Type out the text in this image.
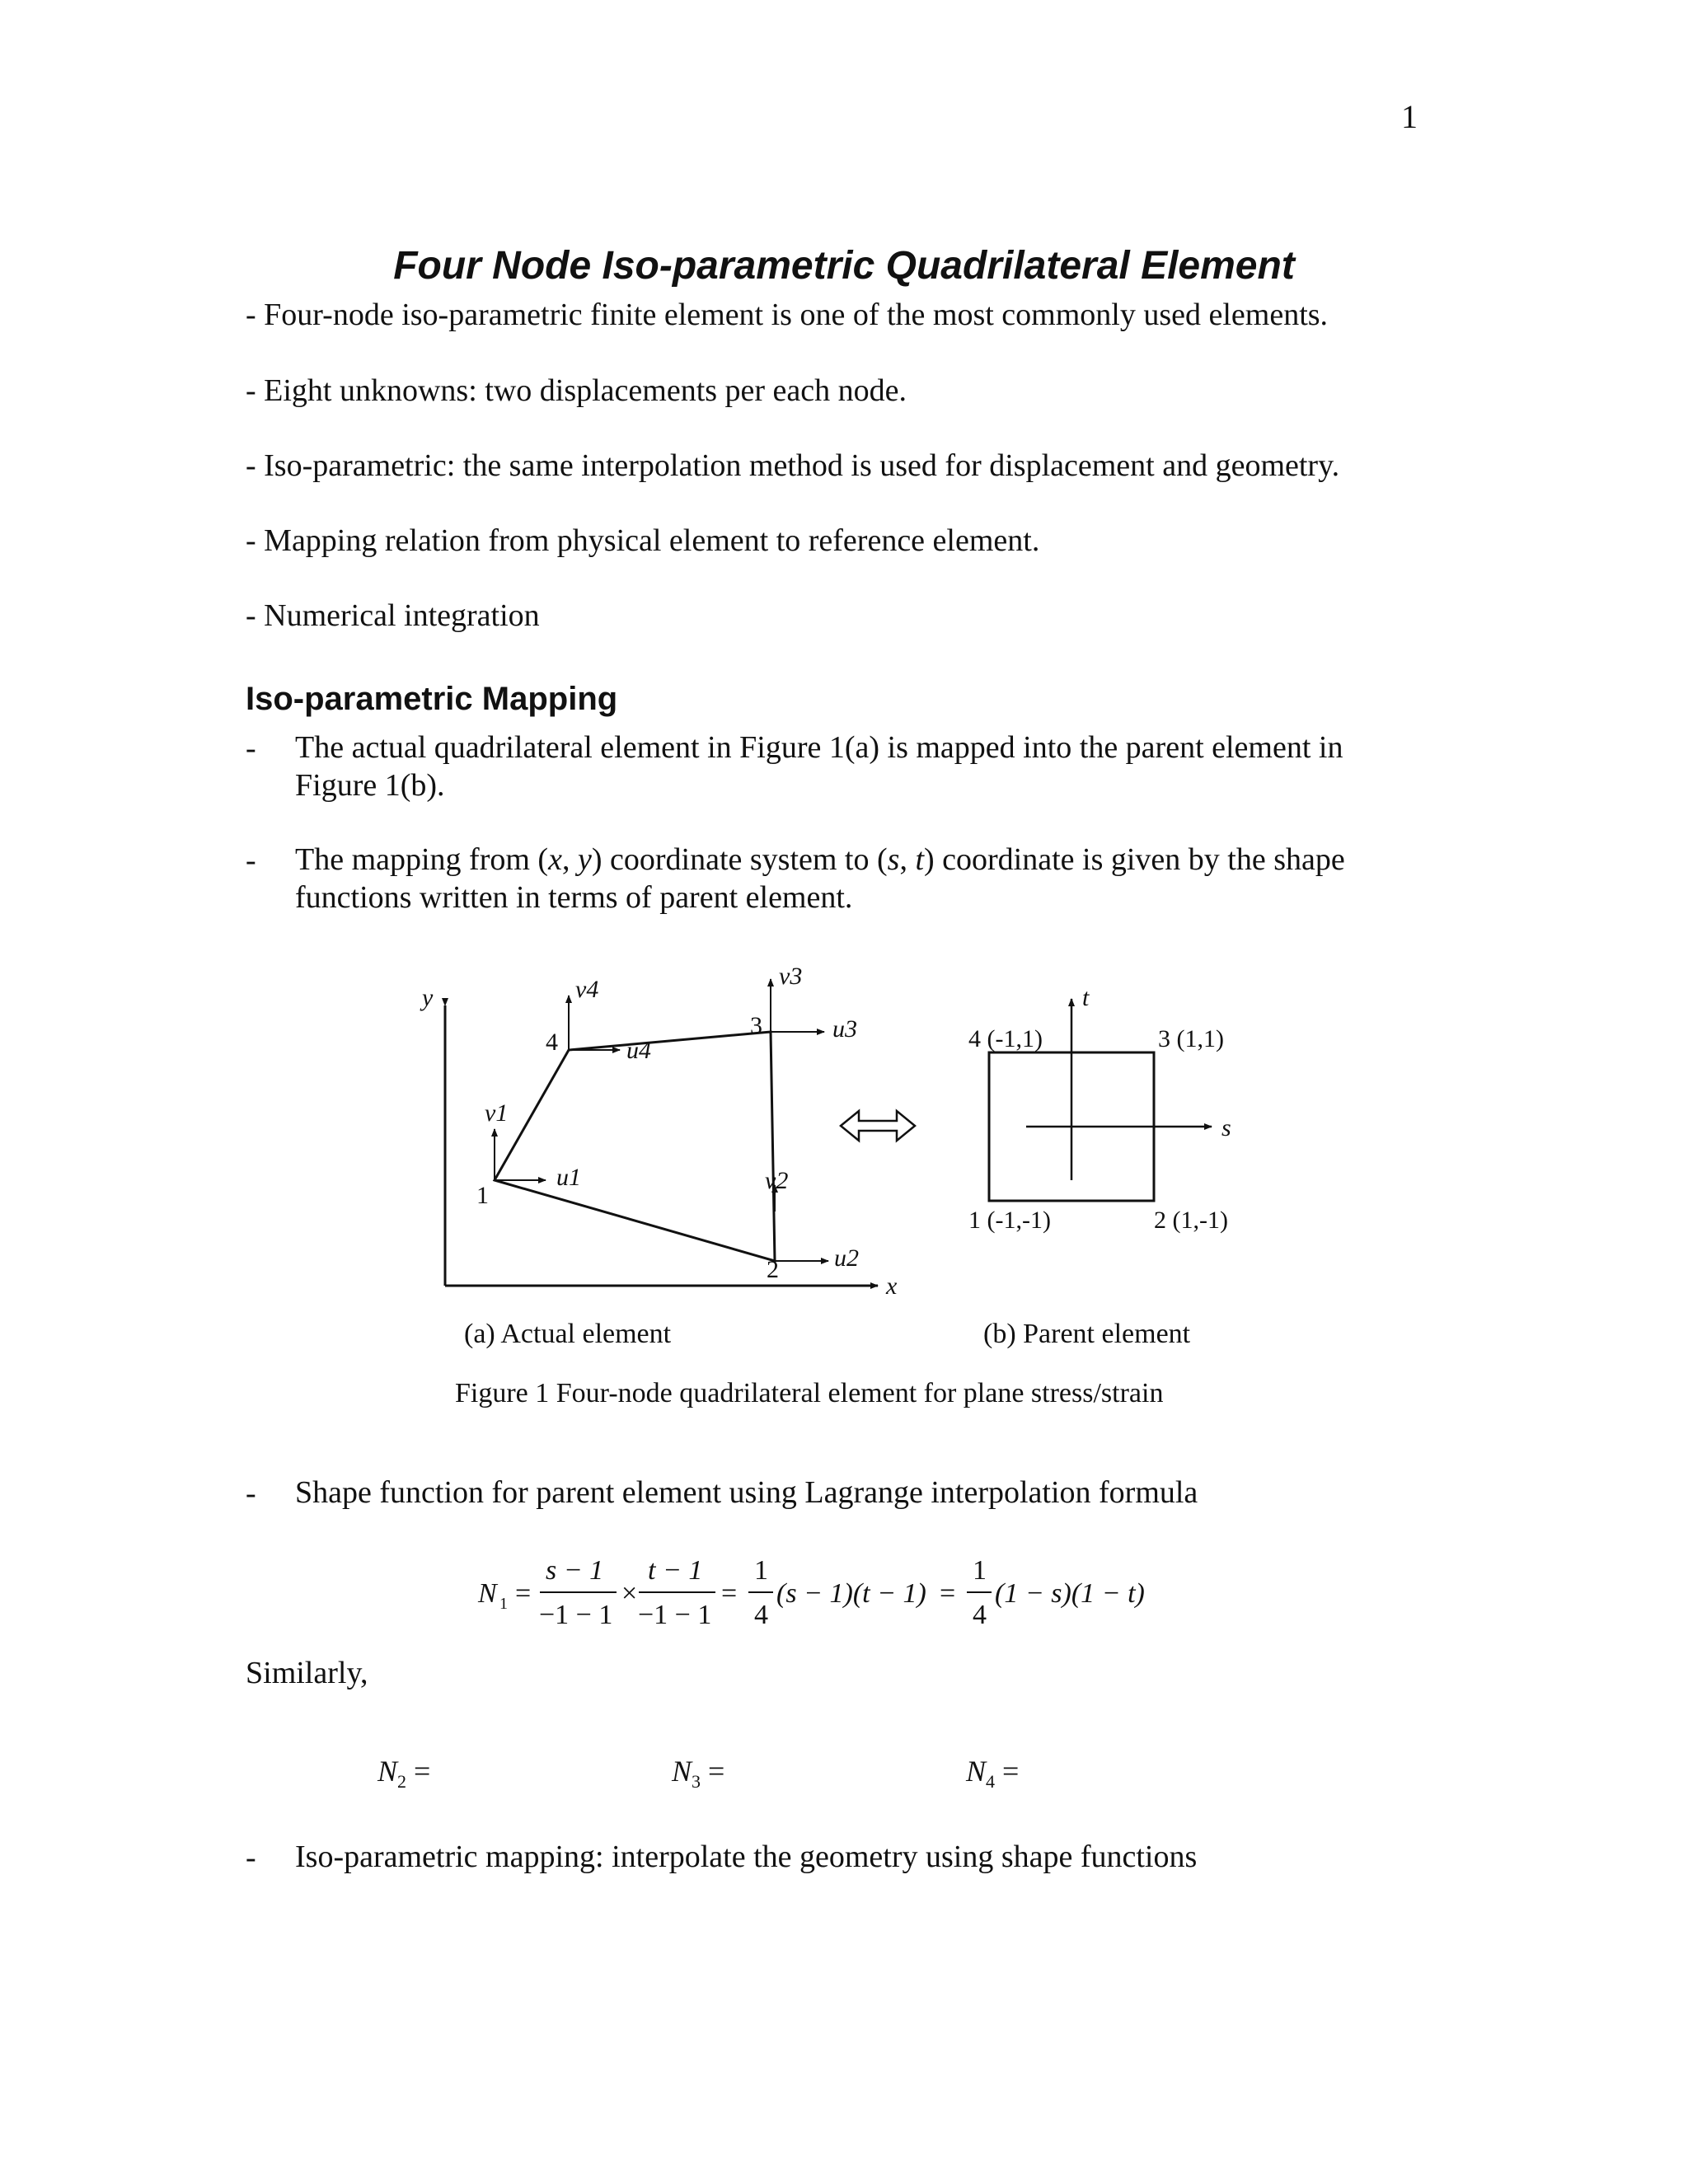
1
Four Node Iso-parametric Quadrilateral Element
- Four-node iso-parametric finite element is one of the most commonly used elements.
- Eight unknowns: two displacements per each node.
- Iso-parametric: the same interpolation method is used for displacement and geometry.
- Mapping relation from physical element to reference element.
- Numerical integration
Iso-parametric Mapping
- The actual quadrilateral element in Figure 1(a) is mapped into the parent element in Figure 1(b).
- The mapping from (x, y) coordinate system to (s, t) coordinate is given by the shape functions written in terms of parent element.
y
x
1
2
3
4
u1
v1
u2
v2
u3
v3
u4
v4
s
t
1 (-1,-1)	2 (1,-1)
3 (1,1)
4 (-1,1)
(a) Actual element	(b) Parent element
Figure 1 Four-node quadrilateral element for plane stress/strain
- Shape function for parent element using Lagrange interpolation formula
N 1 =
s − 1
−1 − 1
×
t − 1
−1 − 1
=
1
4
(s − 1)(t − 1) =
1
4
(1 − s)(1 − t)
Similarly,
$N_2$ =	$N_3$ =	$N_4$ =
- Iso-parametric mapping: interpolate the geometry using shape functions
